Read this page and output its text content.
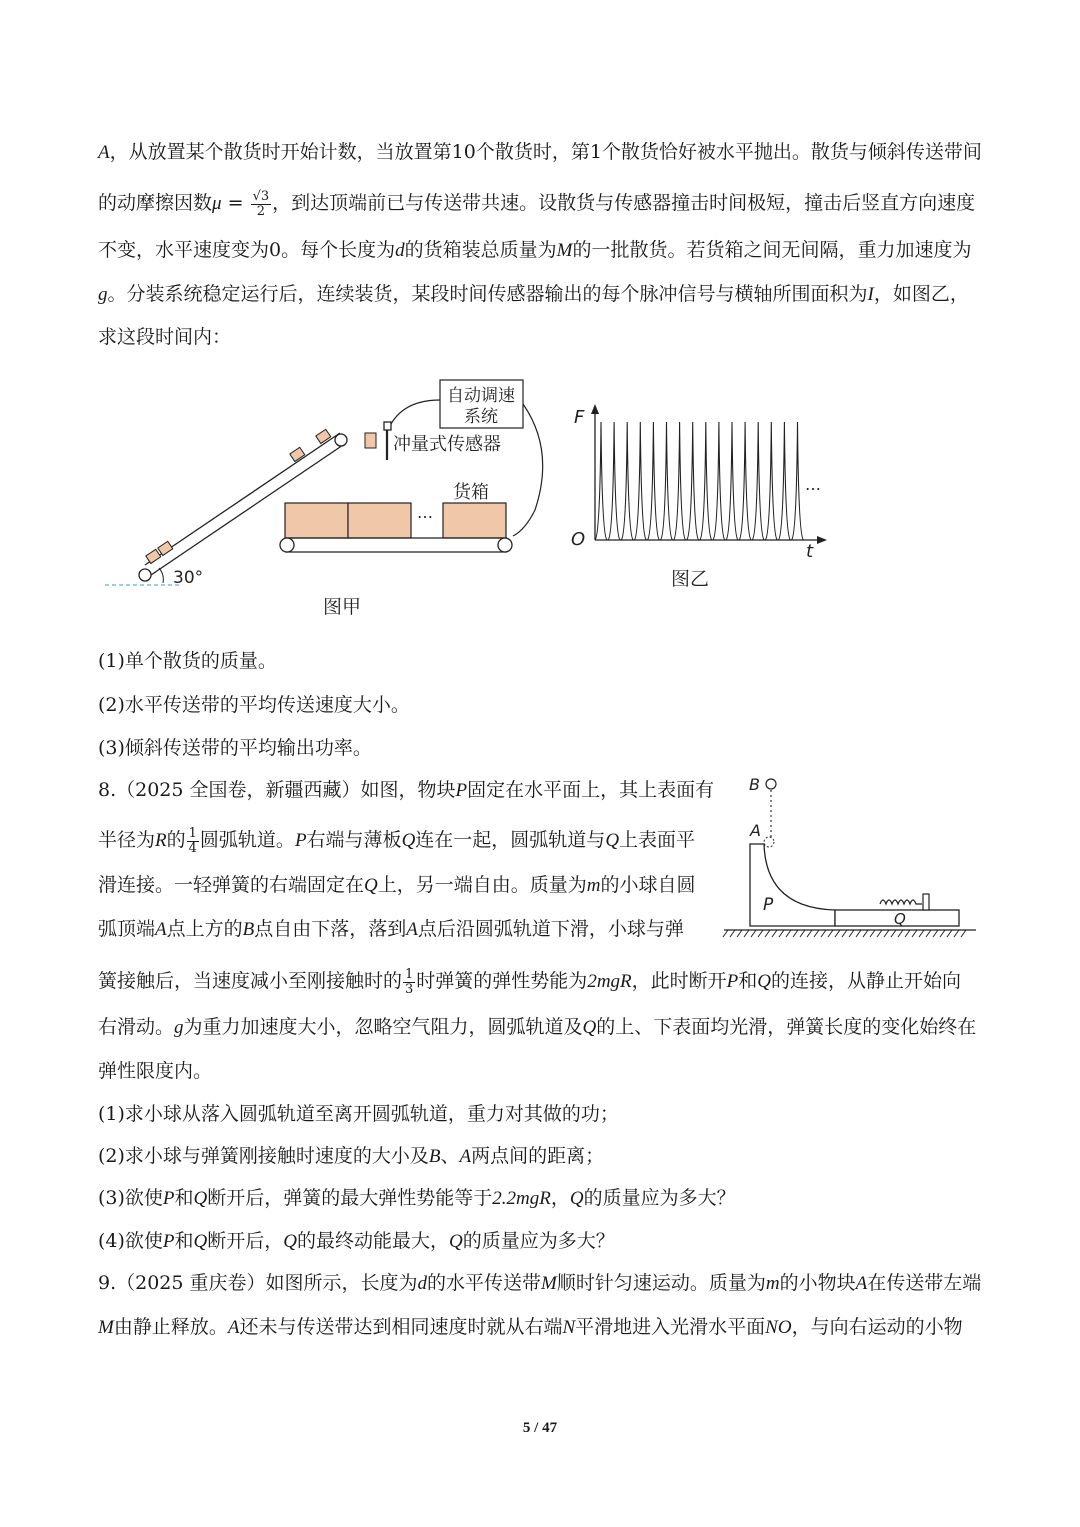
A，从放置某个散货时开始计数，当放置第10个散货时，第1个散货恰好被水平抛出。散货与倾斜传送带间
的动摩擦因数$\mu = \frac{√3}{2}$ ，到达顶端前已与传送带共速。设散货与传感器撞击时间极短，撞击后竖直方向速度
不变，水平速度变为0。每个长度为d的货箱装总质量为M的一批散货。若货箱之间无间隔，重力加速度为
g。分装系统稳定运行后，连续装货，某段时间传感器输出的每个脉冲信号与横轴所围面积为I，如图乙，
求这段时间内：
30°
冲量式传感器
自动调速
系统
货箱
…
图甲
F
t
O
…
图乙
(1)单个散货的质量。
(2)水平传送带的平均传送速度大小。
(3)倾斜传送带的平均输出功率。
8.（2025 全国卷，新疆西藏）如图，物块P固定在水平面上，其上表面有
半径为R的 $\frac{1}{4}$ 圆弧轨道。P右端与薄板Q连在一起，圆弧轨道与Q上表面平
滑连接。一轻弹簧的右端固定在Q上，另一端自由。质量为m的小球自圆
弧顶端A点上方的B点自由下落，落到A点后沿圆弧轨道下滑，小球与弹
簧接触后，当速度减小至刚接触时的 $\frac{1}{3}$ 时弹簧的弹性势能为2mgR，此时断开P和Q的连接，从静止开始向
右滑动。g为重力加速度大小，忽略空气阻力，圆弧轨道及Q的上、下表面均光滑，弹簧长度的变化始终在
弹性限度内。
(1)求小球从落入圆弧轨道至离开圆弧轨道，重力对其做的功；
(2)求小球与弹簧刚接触时速度的大小及B、A两点间的距离；
(3)欲使P和Q断开后，弹簧的最大弹性势能等于2.2mgR，Q的质量应为多大？
(4)欲使P和Q断开后，Q的最终动能最大，Q的质量应为多大？
B
A
P
Q
9.（2025 重庆卷）如图所示，长度为d的水平传送带M顺时针匀速运动。质量为m的小物块A在传送带左端
M由静止释放。A还未与传送带达到相同速度时就从右端N平滑地进入光滑水平面NO，与向右运动的小物
5 / 47
